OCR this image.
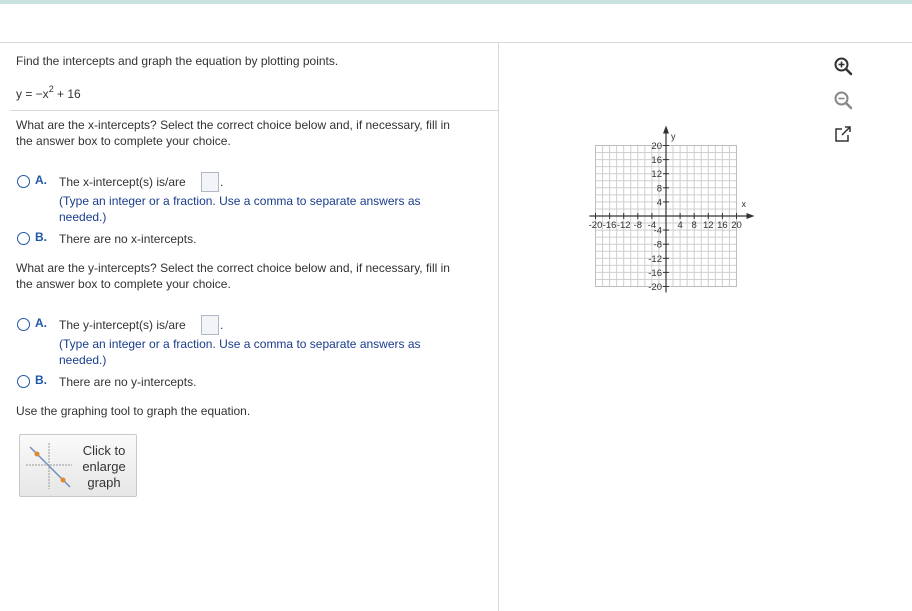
Find the intercepts and graph the equation by plotting points.
$y = -x^2 + 16$
What are the x-intercepts? Select the correct choice below and, if necessary, fill in
the answer box to complete your choice.
A. The x-intercept(s) is/are	.
(Type an integer or a fraction. Use a comma to separate answers as
needed.)
B. There are no x-intercepts.
What are the y-intercepts? Select the correct choice below and, if necessary, fill in
the answer box to complete your choice.
A. The y-intercept(s) is/are	.
(Type an integer or a fraction. Use a comma to separate answers as
needed.)
B. There are no y-intercepts.
Use the graphing tool to graph the equation.
Click to
enlarge
graph
x
y
-20 -16 -12 -8 -4 4 8 12 16 20
20
16
12
8
4
-4
-8
-12
-16
-20
